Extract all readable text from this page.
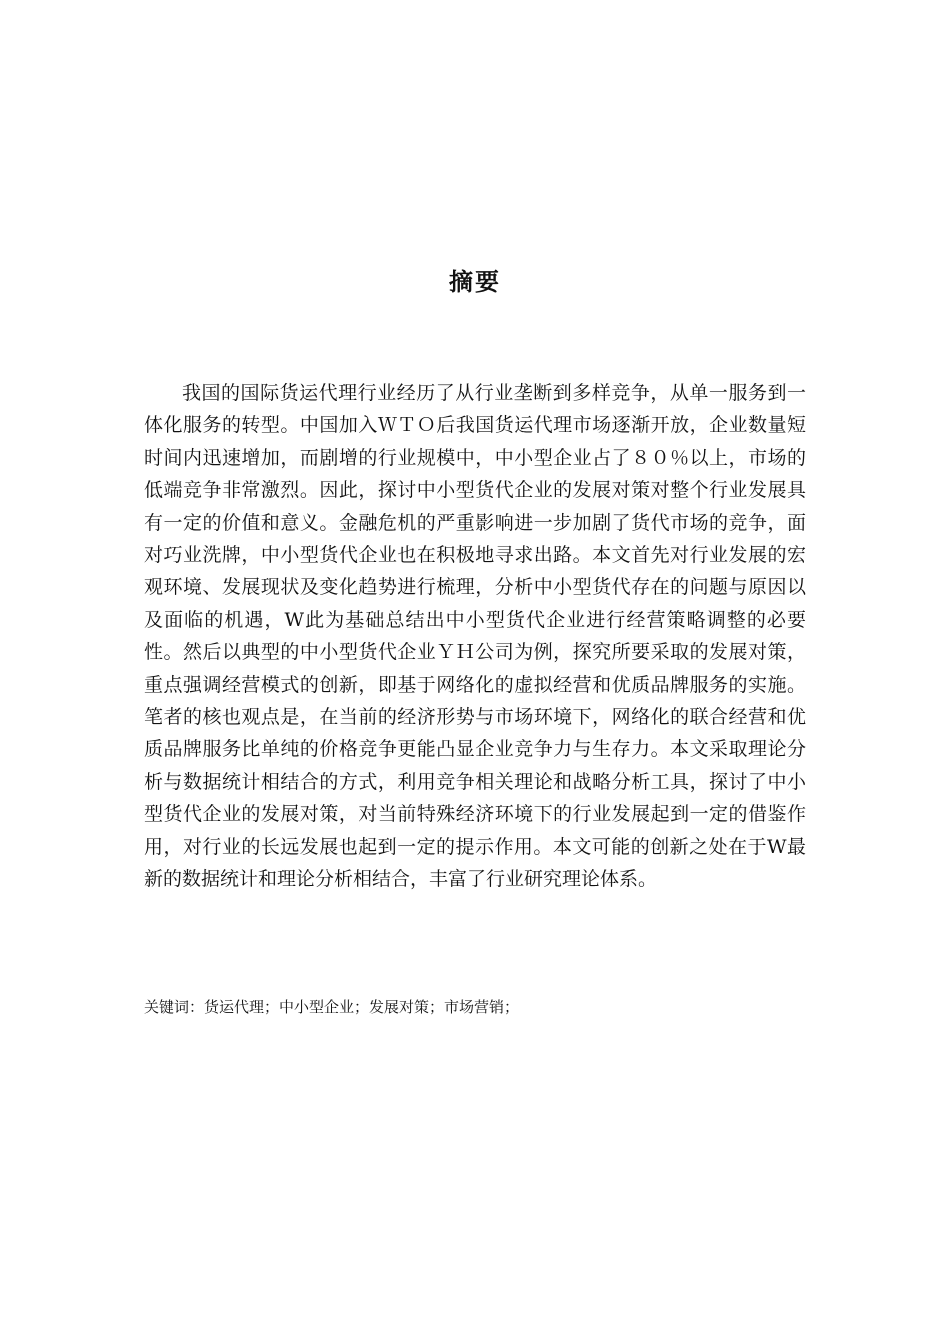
摘要

我国的国际货运代理行业经历了从行业垄断到多样竞争，从单一服务到一体化服务的转型。中国加入ＷＴＯ后我国货运代理市场逐渐开放，企业数量短时间内迅速增加，而剧增的行业规模中，中小型企业占了８０％以上，市场的低端竞争非常激烈。因此，探讨中小型货代企业的发展对策对整个行业发展具有一定的价值和意义。金融危机的严重影响进一步加剧了货代市场的竞争，面对巧业洗牌，中小型货代企业也在积极地寻求出路。本文首先对行业发展的宏观环境、发展现状及变化趋势进行梳理，分析中小型货代存在的问题与原因以及面临的机遇，W此为基础总结出中小型货代企业进行经营策略调整的必要性。然后以典型的中小型货代企业ＹＨ公司为例，探究所要采取的发展对策，重点强调经营模式的创新，即基于网络化的虚拟经营和优质品牌服务的实施。笔者的核也观点是，在当前的经济形势与市场环境下，网络化的联合经营和优质品牌服务比单纯的价格竞争更能凸显企业竞争力与生存力。本文采取理论分析与数据统计相结合的方式，利用竞争相关理论和战略分析工具，探讨了中小型货代企业的发展对策，对当前特殊经济环境下的行业发展起到一定的借鉴作用，对行业的长远发展也起到一定的提示作用。本文可能的创新之处在于W最新的数据统计和理论分析相结合，丰富了行业研究理论体系。

关键词：货运代理；中小型企业；发展对策；市场营销；
